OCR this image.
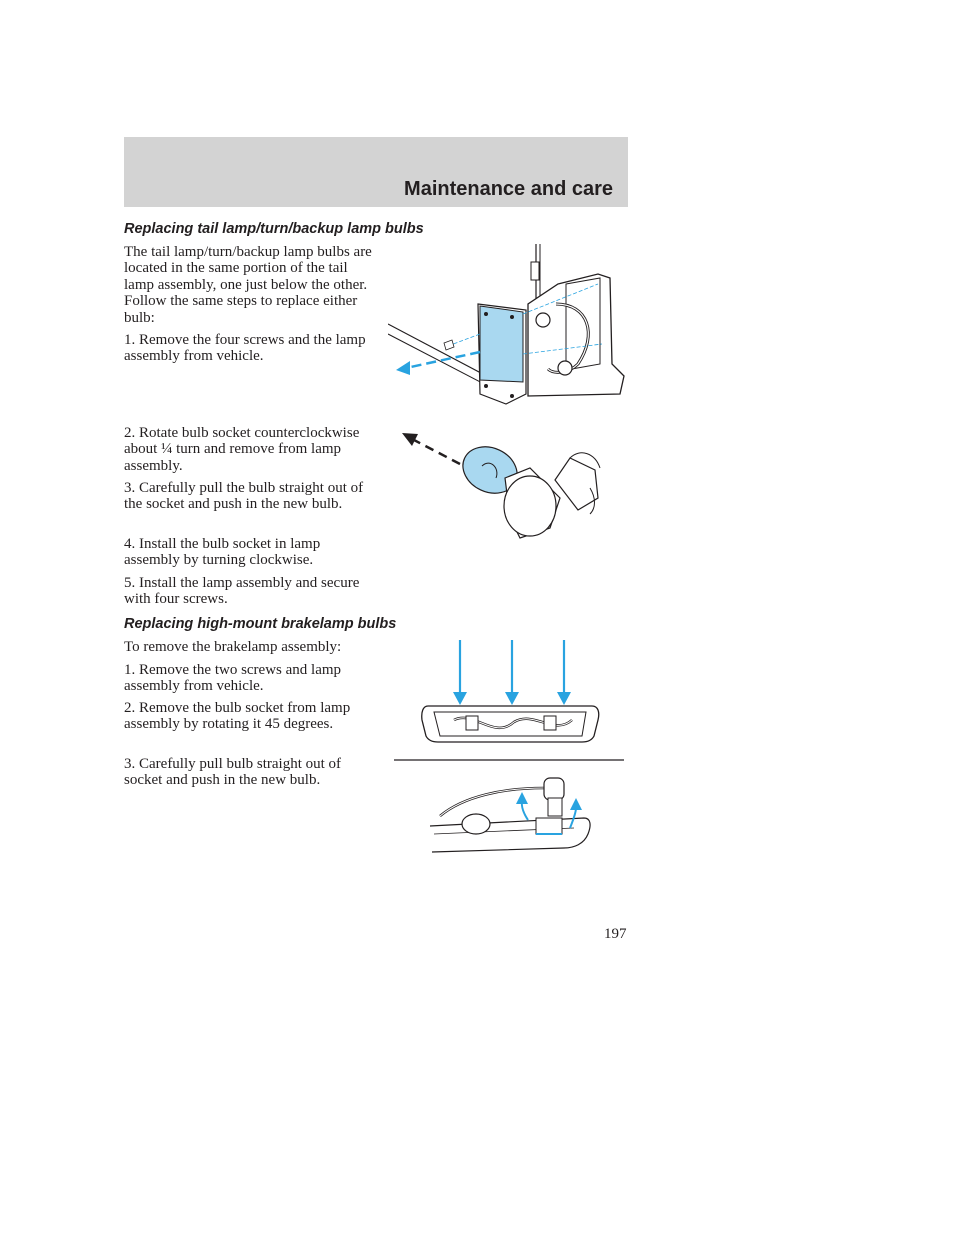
Maintenance and care
Replacing tail lamp/turn/backup lamp bulbs

The tail lamp/turn/backup lamp bulbs are located in the same portion of the tail lamp assembly, one just below the other. Follow the same steps to replace either bulb:

1. Remove the four screws and the lamp assembly from vehicle.

2. Rotate bulb socket counterclockwise about ¼ turn and remove from lamp assembly.

3. Carefully pull the bulb straight out of the socket and push in the new bulb.

4. Install the bulb socket in lamp assembly by turning clockwise.

5. Install the lamp assembly and secure with four screws.

Replacing high-mount brakelamp bulbs

To remove the brakelamp assembly:

1. Remove the two screws and lamp assembly from vehicle.

2. Remove the bulb socket from lamp assembly by rotating it 45 degrees.

3. Carefully pull bulb straight out of socket and push in the new bulb.

197
